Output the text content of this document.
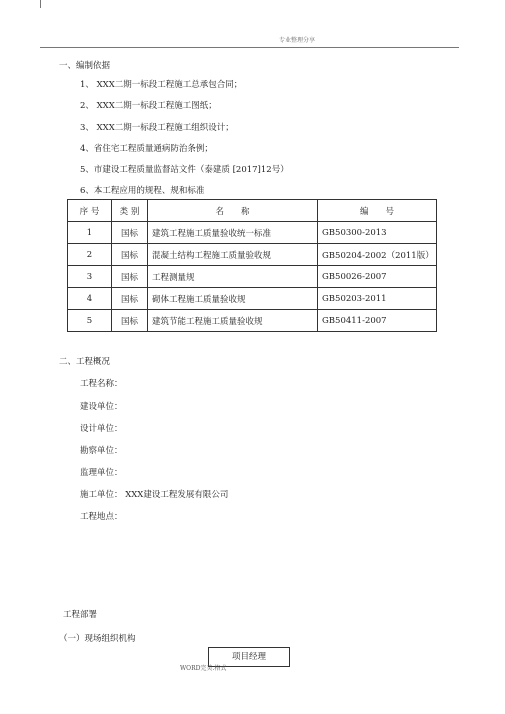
专业整理分享
一、编制依据
1、 XXX二期一标段工程施工总承包合同；
2、 XXX二期一标段工程施工图纸；
3、 XXX二期一标段工程施工组织设计；
4、省住宅工程质量通病防治条例；
5、市建设工程质量监督站文件（泰建质 [2017]12号）
6、本工程应用的规程、规和标准
序 号	类 别	名　　称	编　　号
1	国标	建筑工程施工质量验收统一标准	GB50300-2013
2	国标	混凝土结构工程施工质量验收规	GB50204-2002（2011版）
3	国标	工程测量规	GB50026-2007
4	国标	砌体工程施工质量验收规	GB50203-2011
5	国标	建筑节能工程施工质量验收规	GB50411-2007
二、工程概况
工程名称：
建设单位：
设计单位：
勘察单位：
监理单位：
施工单位： XXX建设工程发展有限公司
工程地点：
工程部署
（一）现场组织机构
项目经理
WORD完美.格式
